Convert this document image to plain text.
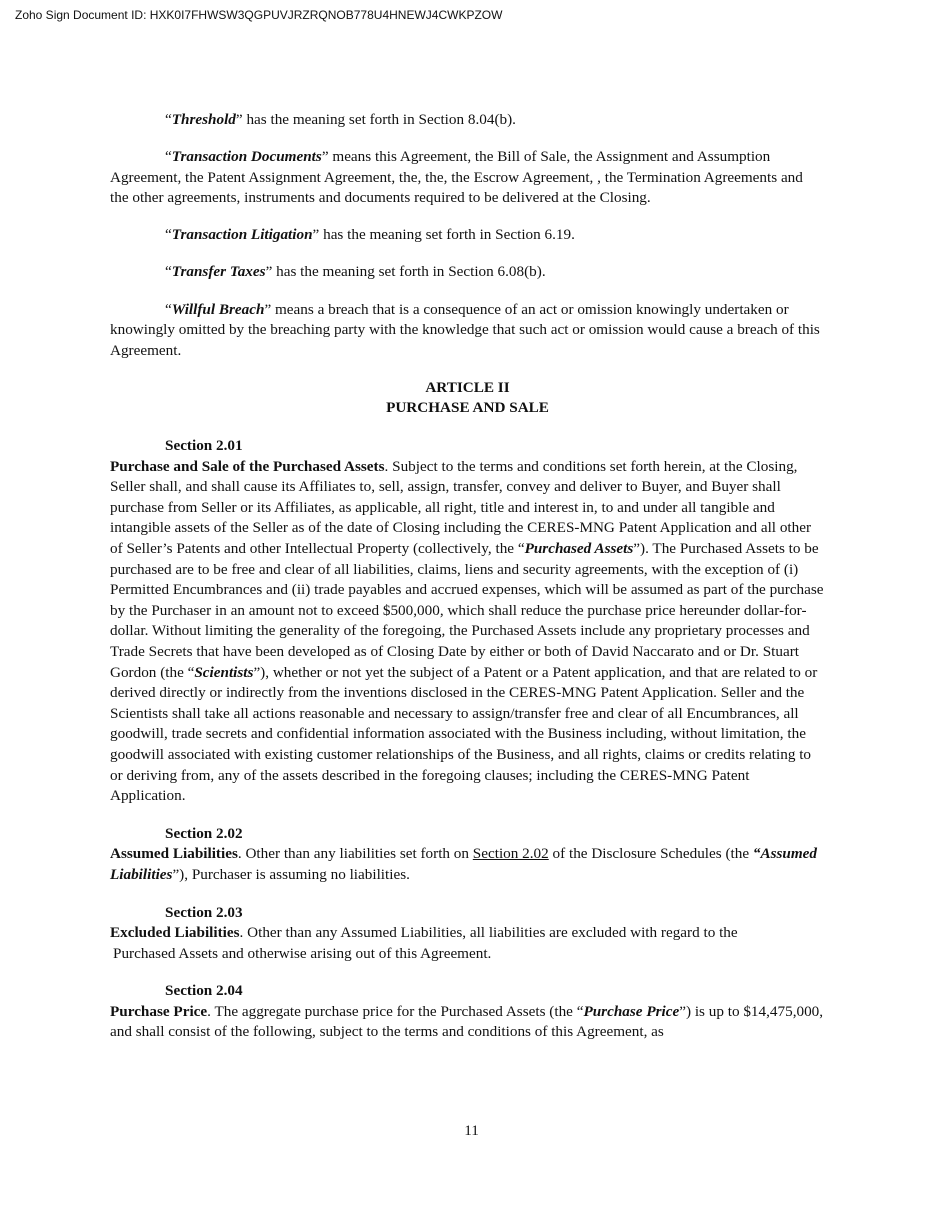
Zoho Sign Document ID: HXK0I7FHWSW3QGPUVJRZRQNOB778U4HNEWJ4CWKPZOW

“Threshold” has the meaning set forth in Section 8.04(b).

“Transaction Documents” means this Agreement, the Bill of Sale, the Assignment and Assumption Agreement, the Patent Assignment Agreement, the, the, the Escrow Agreement, , the Termination Agreements and the other agreements, instruments and documents required to be delivered at the Closing.

“Transaction Litigation” has the meaning set forth in Section 6.19.

“Transfer Taxes” has the meaning set forth in Section 6.08(b).

“Willful Breach” means a breach that is a consequence of an act or omission knowingly undertaken or knowingly omitted by the breaching party with the knowledge that such act or omission would cause a breach of this Agreement.

ARTICLE II
PURCHASE AND SALE
Section 2.01

Purchase and Sale of the Purchased Assets. Subject to the terms and conditions set forth herein, at the Closing, Seller shall, and shall cause its Affiliates to, sell, assign, transfer, convey and deliver to Buyer, and Buyer shall purchase from Seller or its Affiliates, as applicable, all right, title and interest in, to and under all tangible and intangible assets of the Seller as of the date of Closing including the CERES-MNG Patent Application and all other of Seller’s Patents and other Intellectual Property (collectively, the “Purchased Assets”). The Purchased Assets to be purchased are to be free and clear of all liabilities, claims, liens and security agreements, with the exception of (i) Permitted Encumbrances and (ii) trade payables and accrued expenses, which will be assumed as part of the purchase by the Purchaser in an amount not to exceed $500,000, which shall reduce the purchase price hereunder dollar-for-dollar. Without limiting the generality of the foregoing, the Purchased Assets include any proprietary processes and Trade Secrets that have been developed as of Closing Date by either or both of David Naccarato and or Dr. Stuart Gordon (the “Scientists”), whether or not yet the subject of a Patent or a Patent application, and that are related to or derived directly or indirectly from the inventions disclosed in the CERES-MNG Patent Application. Seller and the Scientists shall take all actions reasonable and necessary to assign/transfer free and clear of all Encumbrances, all goodwill, trade secrets and confidential information associated with the Business including, without limitation, the goodwill associated with existing customer relationships of the Business, and all rights, claims or credits relating to or deriving from, any of the assets described in the foregoing clauses; including the CERES-MNG Patent Application.

Section 2.02

Assumed Liabilities. Other than any liabilities set forth on Section 2.02 of the Disclosure Schedules (the “Assumed Liabilities”), Purchaser is assuming no liabilities.

Section 2.03
Excluded Liabilities. Other than any Assumed Liabilities, all liabilities are excluded with regard to the
Purchased Assets and otherwise arising out of this Agreement.
Section 2.04

Purchase Price. The aggregate purchase price for the Purchased Assets (the “Purchase Price”) is up to $14,475,000, and shall consist of the following, subject to the terms and conditions of this Agreement, as

11
